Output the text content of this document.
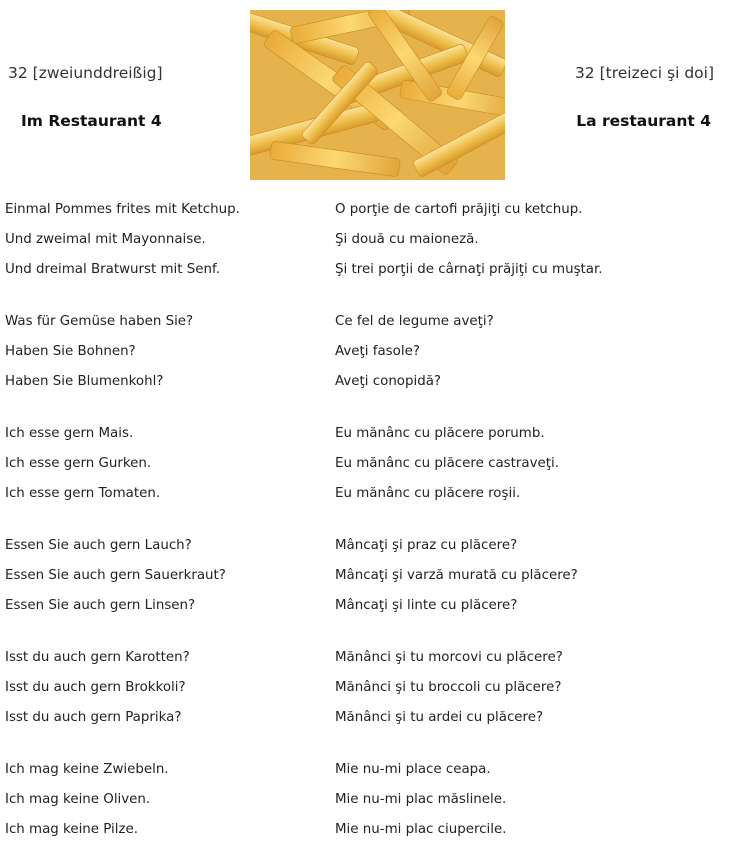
32 [zweiunddreißig]
Im Restaurant 4
32 [treizeci şi doi]
La restaurant 4
Einmal Pommes frites mit Ketchup.	O porţie de cartofi prăjiţi cu ketchup.
Und zweimal mit Mayonnaise.	Şi două cu maioneză.
Und dreimal Bratwurst mit Senf.	Şi trei porţii de cârnaţi prăjiţi cu muştar.
Was für Gemüse haben Sie?	Ce fel de legume aveţi?
Haben Sie Bohnen?	Aveţi fasole?
Haben Sie Blumenkohl?	Aveţi conopidă?
Ich esse gern Mais.	Eu mănânc cu plăcere porumb.
Ich esse gern Gurken.	Eu mănânc cu plăcere castraveţi.
Ich esse gern Tomaten.	Eu mănânc cu plăcere roşii.
Essen Sie auch gern Lauch?	Mâncaţi şi praz cu plăcere?
Essen Sie auch gern Sauerkraut?	Mâncaţi şi varză murată cu plăcere?
Essen Sie auch gern Linsen?	Mâncaţi şi linte cu plăcere?
Isst du auch gern Karotten?	Mănânci şi tu morcovi cu plăcere?
Isst du auch gern Brokkoli?	Mănânci şi tu broccoli cu plăcere?
Isst du auch gern Paprika?	Mănânci şi tu ardei cu plăcere?
Ich mag keine Zwiebeln.	Mie nu-mi place ceapa.
Ich mag keine Oliven.	Mie nu-mi plac măslinele.
Ich mag keine Pilze.	Mie nu-mi plac ciupercile.
